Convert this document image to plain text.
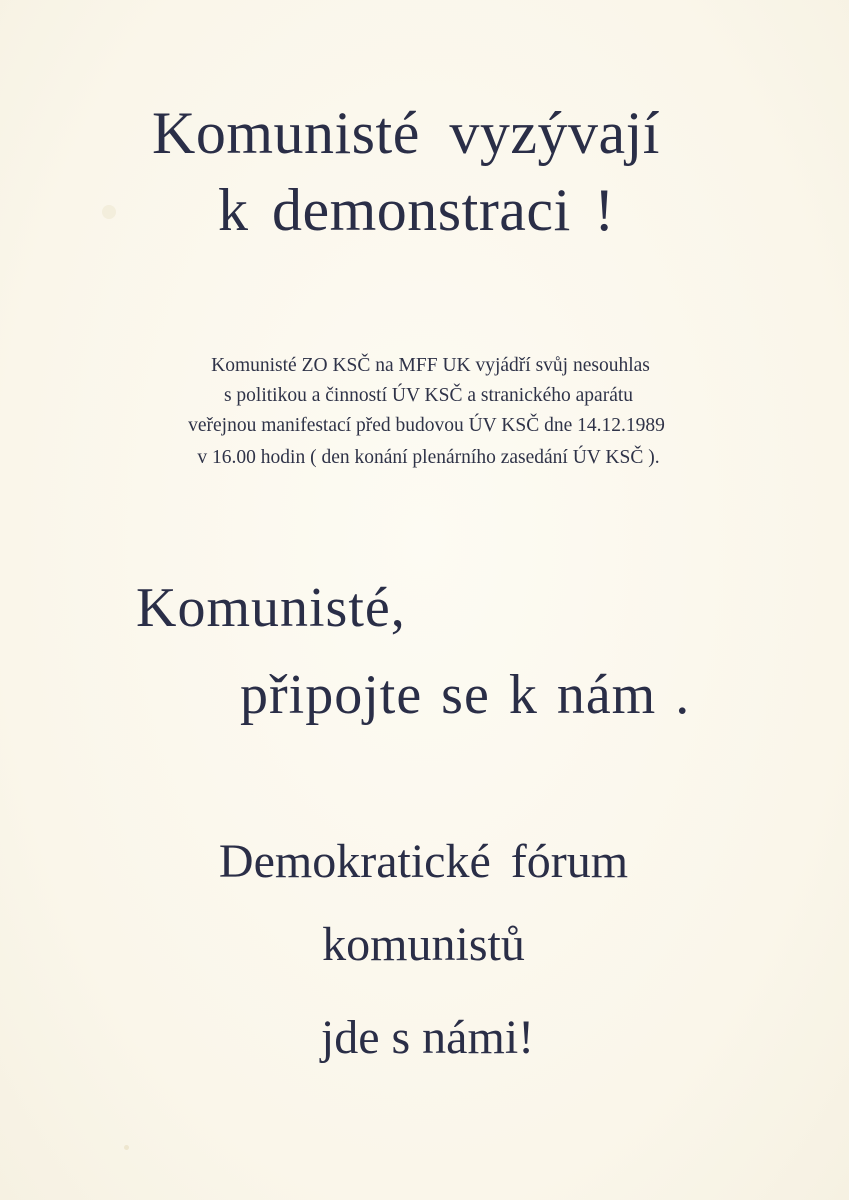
Komunisté vyzývají

k demonstraci !

Komunisté ZO KSČ na MFF UK vyjádří svůj nesouhlas

s politikou a činností ÚV KSČ a stranického aparátu

veřejnou manifestací před budovou ÚV KSČ dne 14.12.1989

v 16.00 hodin ( den konání plenárního zasedání ÚV KSČ ).

Komunisté,

připojte se k nám .

Demokratické fórum

komunistů

jde s námi!
